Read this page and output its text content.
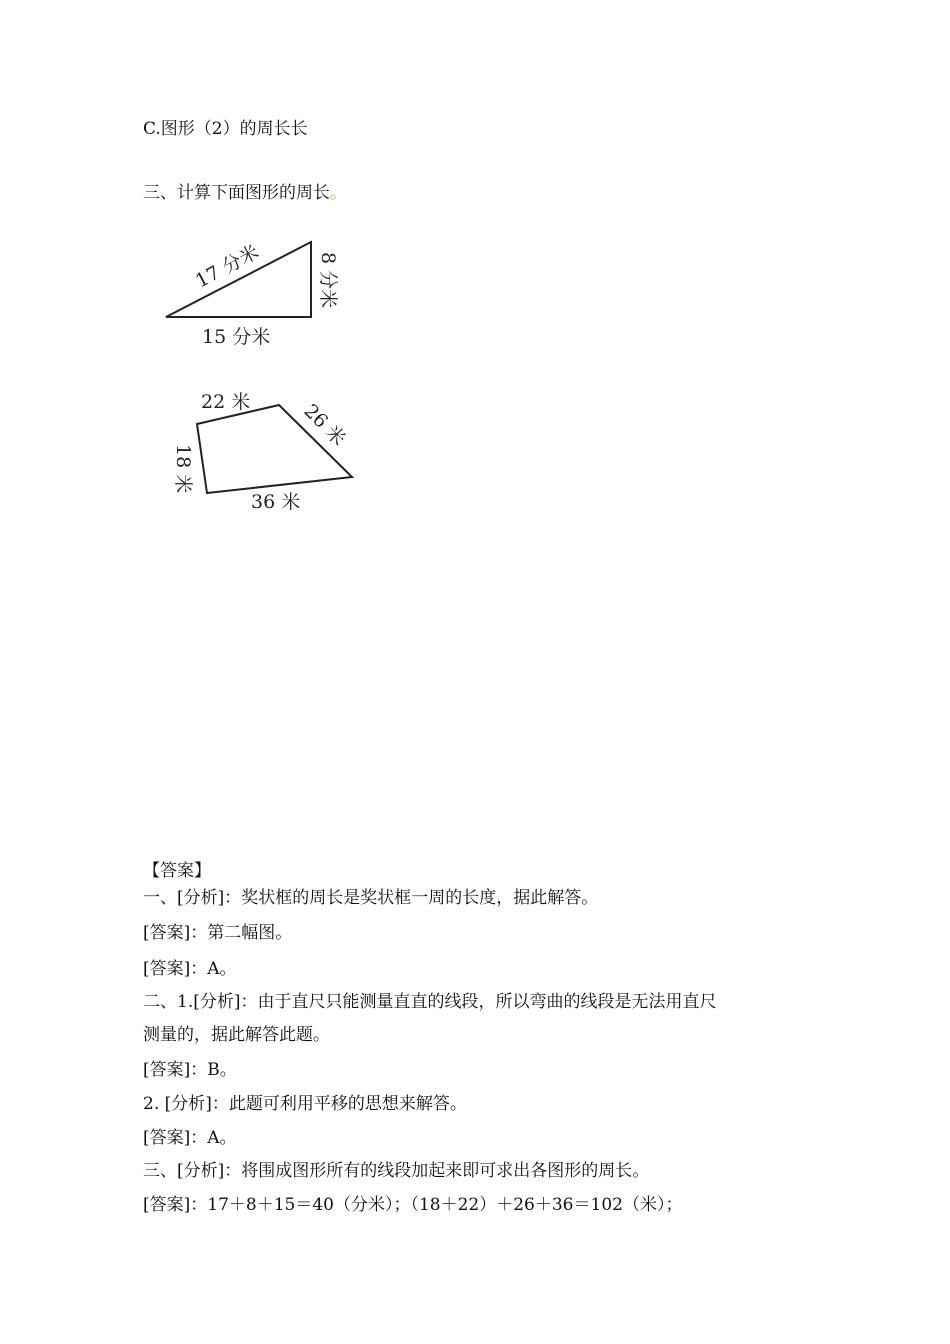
C.图形（2）的周长长
三、计算下面图形的周长。
17 分米	8 分米
15 分米
22 米	26 米
18 米
36 米
【答案】
一、[分析]：奖状框的周长是奖状框一周的长度，据此解答。
[答案]：第二幅图。
[答案]：A。
二、1.[分析]：由于直尺只能测量直直的线段，所以弯曲的线段是无法用直尺
测量的，据此解答此题。
[答案]：B。
2. [分析]：此题可利用平移的思想来解答。
[答案]：A。
三、[分析]：将围成图形所有的线段加起来即可求出各图形的周长。
[答案]：17＋8＋15＝40（分米）；（18＋22）＋26＋36＝102（米）；
